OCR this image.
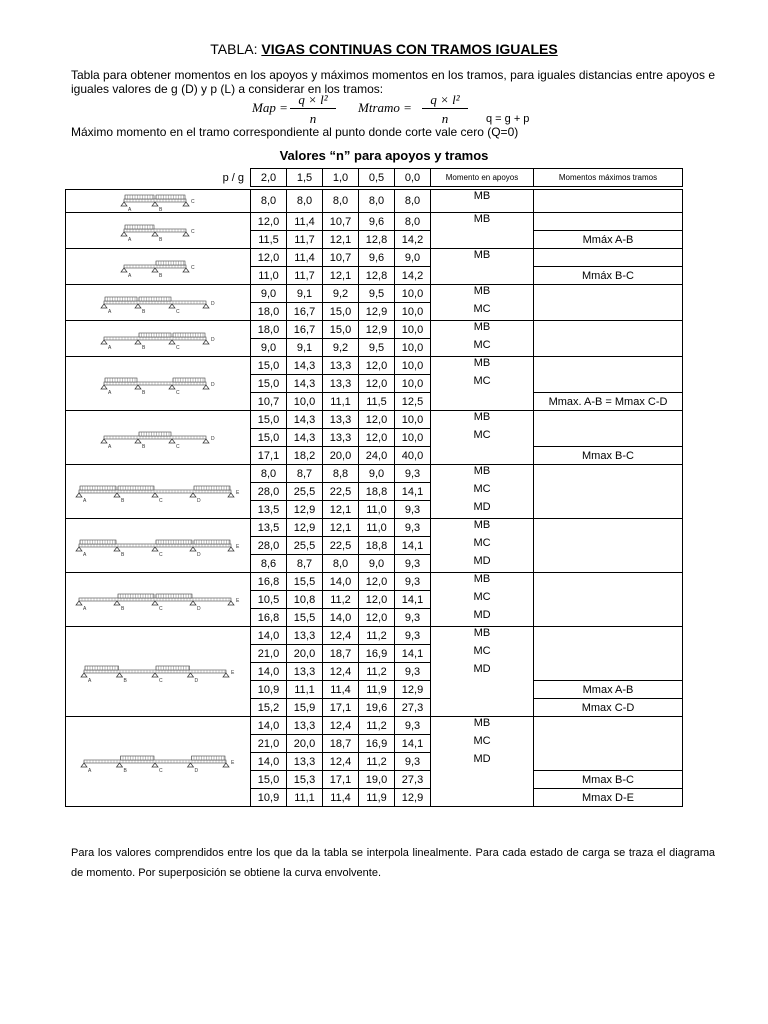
TABLA: VIGAS CONTINUAS CON TRAMOS IGUALES
Tabla para obtener momentos en los apoyos y máximos momentos en los tramos, para iguales distancias entre apoyos e iguales valores de g (D) y p (L) a considerar en los tramos:
Map =
q × l²
n
Mtramo =
q × l²
n	q = g + p
Máximo momento en el tramo correspondiente al punto donde corte vale cero (Q=0)
Valores “n” para apoyos y tramos
p / g	2,0	1,5	1,0	0,5	0,0	Momento en apoyos	Momentos máximos tramos

A B
C	8,0	8,0	8,0	8,0	8,0	MB	

A B
C	12,0	11,4	10,7	9,6	8,0	MB	
	11,5	11,7	12,1	12,8	14,2		Mmáx A-B

A B
C	12,0	11,4	10,7	9,6	9,0	MB	
	11,0	11,7	12,1	12,8	14,2		Mmáx B-C

A B C
D	9,0	9,1	9,2	9,5	10,0	MB	
	18,0	16,7	15,0	12,9	10,0	MC	

A B C
D	18,0	16,7	15,0	12,9	10,0	MB	
	9,0	9,1	9,2	9,5	10,0	MC	

A B C
D	15,0	14,3	13,3	12,0	10,0	MB	
	15,0	14,3	13,3	12,0	10,0	MC	
	10,7	10,0	11,1	11,5	12,5		Mmax. A-B = Mmax C-D

A B C
D	15,0	14,3	13,3	12,0	10,0	MB	
	15,0	14,3	13,3	12,0	10,0	MC	
	17,1	18,2	20,0	24,0	40,0		Mmax B-C

A B C D
E	8,0	8,7	8,8	9,0	9,3	MB	
	28,0	25,5	22,5	18,8	14,1	MC	
	13,5	12,9	12,1	11,0	9,3	MD	

A B C D
E	13,5	12,9	12,1	11,0	9,3	MB	
	28,0	25,5	22,5	18,8	14,1	MC	
	8,6	8,7	8,0	9,0	9,3	MD	

A B C D
E	16,8	15,5	14,0	12,0	9,3	MB	
	10,5	10,8	11,2	12,0	14,1	MC	
	16,8	15,5	14,0	12,0	9,3	MD	

A B C D
E	14,0	13,3	12,4	11,2	9,3	MB	
	21,0	20,0	18,7	16,9	14,1	MC	
	14,0	13,3	12,4	11,2	9,3	MD	
	10,9	11,1	11,4	11,9	12,9		Mmax A-B
	15,2	15,9	17,1	19,6	27,3		Mmax C-D

A B C D
E	14,0	13,3	12,4	11,2	9,3	MB	
	21,0	20,0	18,7	16,9	14,1	MC	
	14,0	13,3	12,4	11,2	9,3	MD	
	15,0	15,3	17,1	19,0	27,3		Mmax B-C
	10,9	11,1	11,4	11,9	12,9		Mmax D-E
Para los valores comprendidos entre los que da la tabla se interpola linealmente. Para cada estado de carga se traza el diagrama de momento. Por superposición se obtiene la curva envolvente.
